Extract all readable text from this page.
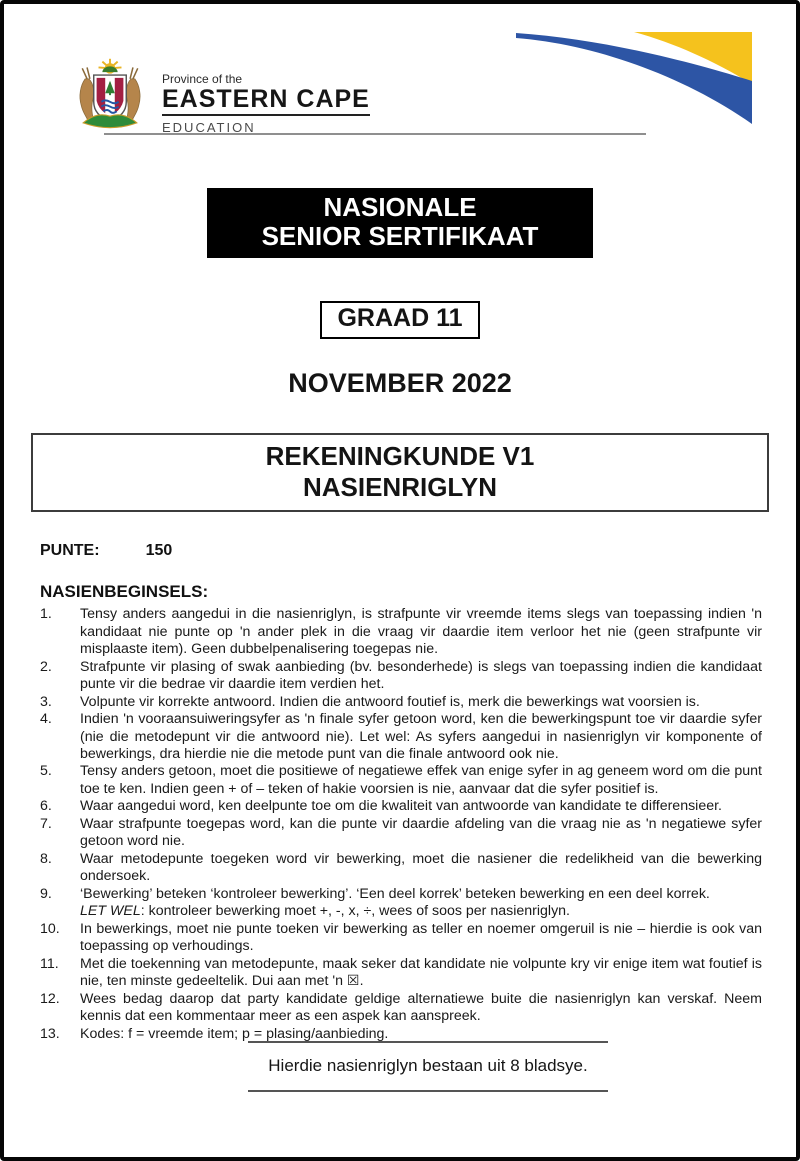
Province of the
EASTERN CAPE
EDUCATION
NASIONALE
SENIOR SERTIFIKAAT
GRAAD 11
NOVEMBER 2022
REKENINGKUNDE V1
NASIENRIGLYN
PUNTE:	150
NASIENBEGINSELS:
1.	Tensy anders aangedui in die nasienriglyn, is strafpunte vir vreemde items slegs van toepassing indien 'n kandidaat nie punte op 'n ander plek in die vraag vir daardie item verloor het nie (geen strafpunte vir misplaaste item). Geen dubbelpenalisering toegepas nie.
2.	Strafpunte vir plasing of swak aanbieding (bv. besonderhede) is slegs van toepassing indien die kandidaat punte vir die bedrae vir daardie item verdien het.
3.	Volpunte vir korrekte antwoord. Indien die antwoord foutief is, merk die bewerkings wat voorsien is.
4.	Indien 'n vooraansuiweringsyfer as 'n finale syfer getoon word, ken die bewerkingspunt toe vir daardie syfer (nie die metodepunt vir die antwoord nie). Let wel: As syfers aangedui in nasienriglyn vir komponente of bewerkings, dra hierdie nie die metode punt van die finale antwoord ook nie.
5.	Tensy anders getoon, moet die positiewe of negatiewe effek van enige syfer in ag geneem word om die punt toe te ken. Indien geen + of – teken of hakie voorsien is nie, aanvaar dat die syfer positief is.
6.	Waar aangedui word, ken deelpunte toe om die kwaliteit van antwoorde van kandidate te differensieer.
7.	Waar strafpunte toegepas word, kan die punte vir daardie afdeling van die vraag nie as 'n negatiewe syfer getoon word nie.
8.	Waar metodepunte toegeken word vir bewerking, moet die nasiener die redelikheid van die bewerking ondersoek.
9.	‘Bewerking’ beteken ‘kontroleer bewerking’. ‘Een deel korrek’ beteken bewerking en een deel korrek.
LET WEL: kontroleer bewerking moet +, -, x, ÷, wees of soos per nasienriglyn.
10.	In bewerkings, moet nie punte toeken vir bewerking as teller en noemer omgeruil is nie – hierdie is ook van toepassing op verhoudings.
11.	Met die toekenning van metodepunte, maak seker dat kandidate nie volpunte kry vir enige item wat foutief is nie, ten minste gedeeltelik. Dui aan met 'n ☒.
12.	Wees bedag daarop dat party kandidate geldige alternatiewe buite die nasienriglyn kan verskaf. Neem kennis dat een kommentaar meer as een aspek kan aanspreek.
13.	Kodes: f = vreemde item; p = plasing/aanbieding.
Hierdie nasienriglyn bestaan uit 8 bladsye.
